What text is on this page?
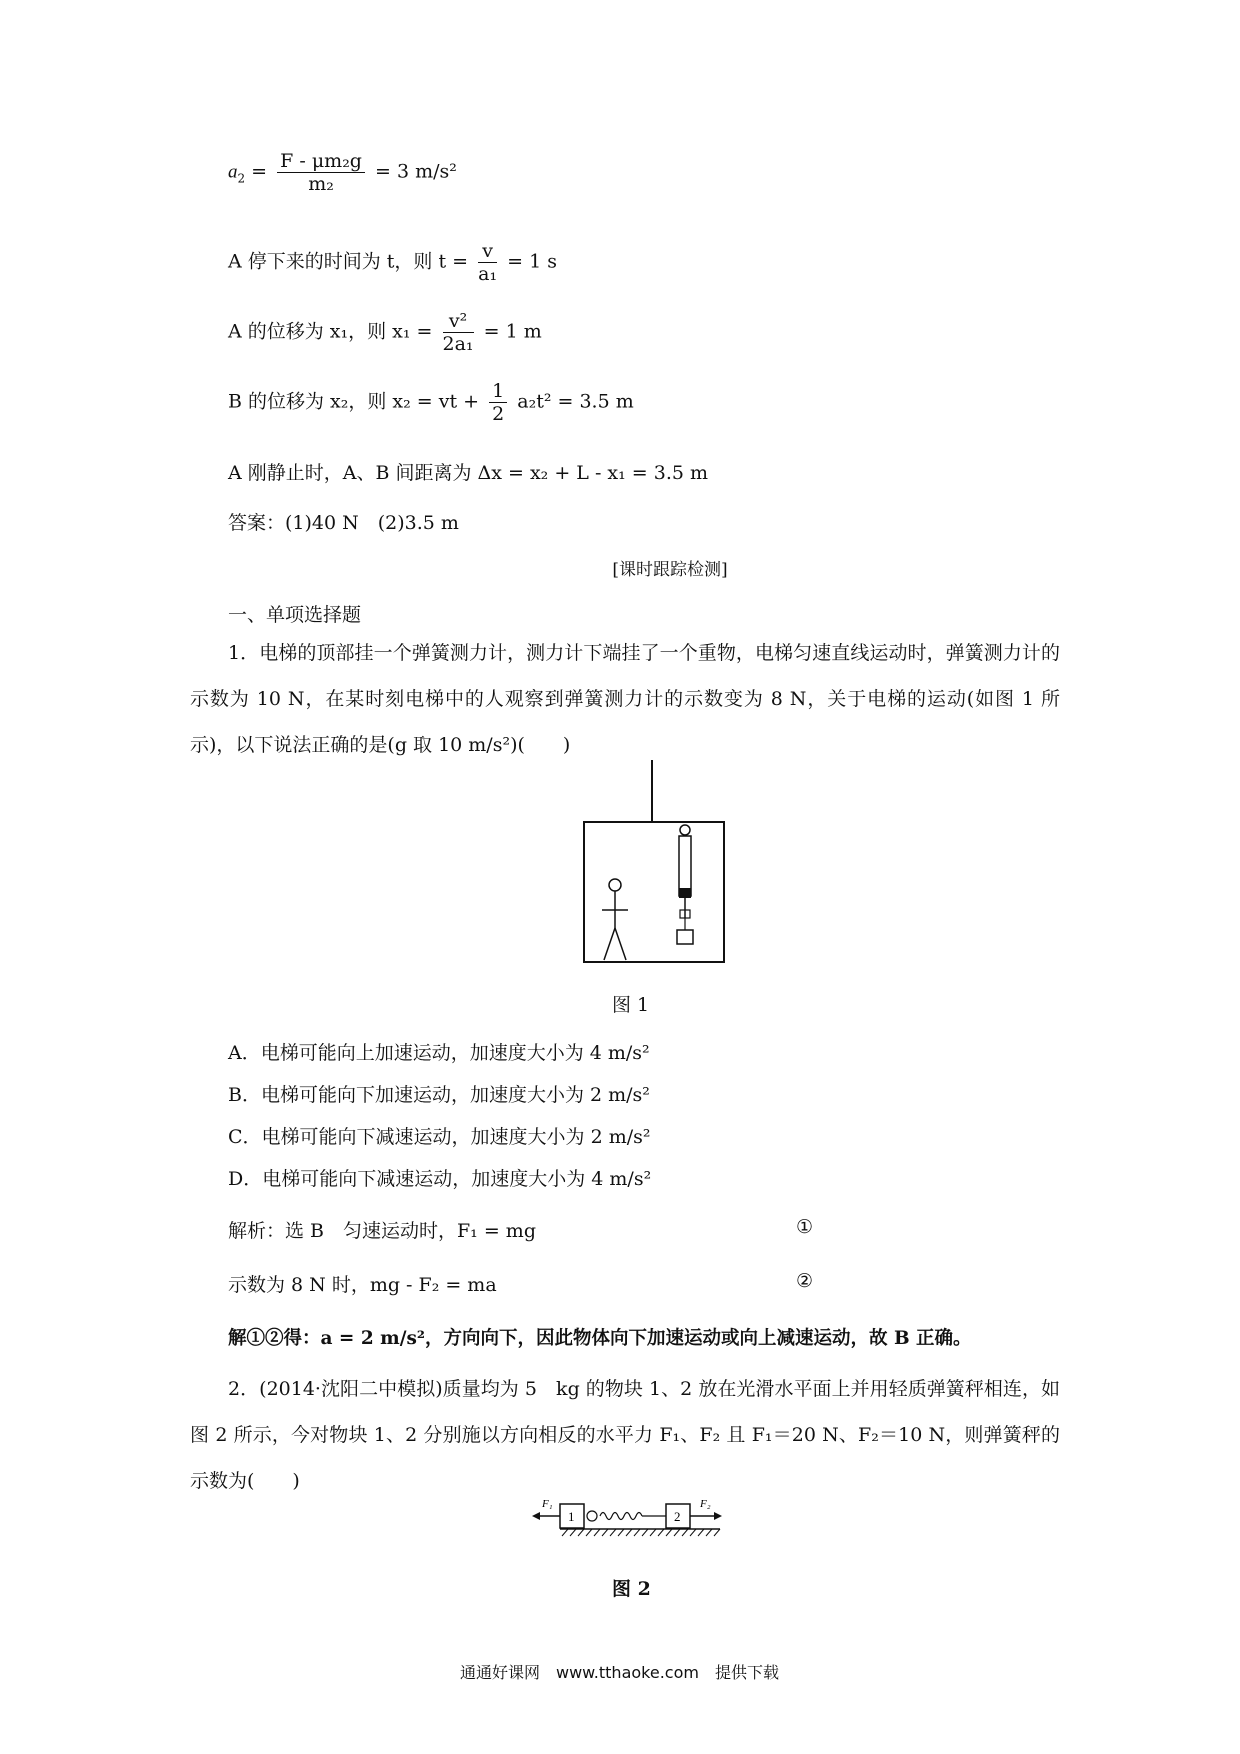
$a_2 = \frac{\text{F - μm₂g}}{\text{m₂}} = 3$ m/s²
A 停下来的时间为 t，则 $t = \frac{v}{\text{a₁}} = 1$ s
A 的位移为 x₁，则 $x_1 = \frac{\text{v²}}{\text{2a₁}} = 1$ m
B 的位移为 x₂，则 x₂ = vt + $\frac{1}{2} a_2t^2 = 3.5$ m
A 刚静止时，A、B 间距离为 Δx = x₂ + L - x₁ = 3.5 m
答案：(1)40 N　(2)3.5 m
[课时跟踪检测]
一、单项选择题
1．电梯的顶部挂一个弹簧测力计，测力计下端挂了一个重物，电梯匀速直线运动时，弹簧测力计的示数为 10 N，在某时刻电梯中的人观察到弹簧测力计的示数变为 8 N，关于电梯的运动(如图 1 所示)，以下说法正确的是(g 取 10 m/s²)(　　)
图 1
A．电梯可能向上加速运动，加速度大小为 4 m/s²
B．电梯可能向下加速运动，加速度大小为 2 m/s²
C．电梯可能向下减速运动，加速度大小为 2 m/s²
D．电梯可能向下减速运动，加速度大小为 4 m/s²
解析：选 B　匀速运动时，F₁ = mg	①
示数为 8 N 时，mg - F₂ = ma	②
解①②得：a = 2 m/s²，方向向下，因此物体向下加速运动或向上减速运动，故 B 正确。
2．(2014·沈阳二中模拟)质量均为 5　kg 的物块 1、2 放在光滑水平面上并用轻质弹簧秤相连，如图 2 所示，今对物块 1、2 分别施以方向相反的水平力 F₁、F₂ 且 F₁＝20 N、F₂＝10 N，则弹簧秤的示数为(　　)
F₁
1	2
F₂
图 2
通通好课网　www.tthaoke.com　提供下载
